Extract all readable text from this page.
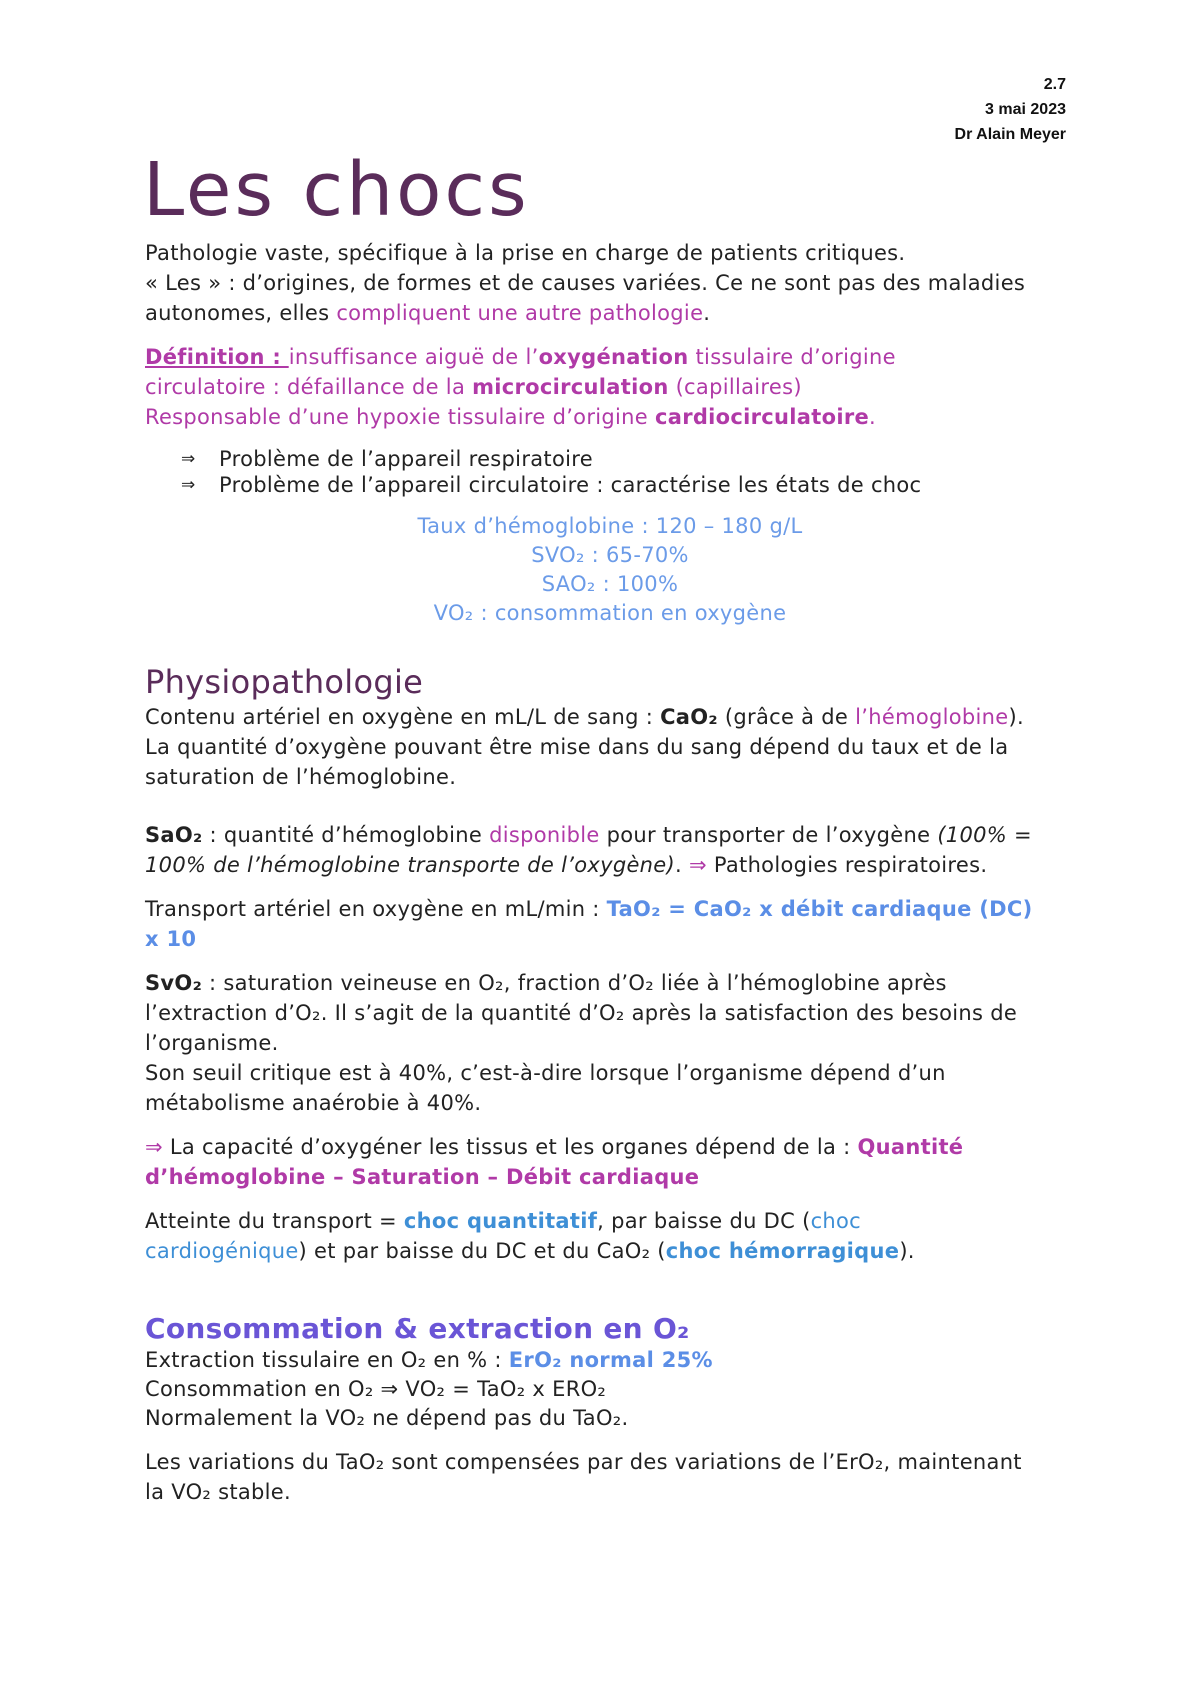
2.7
3 mai 2023
Dr Alain Meyer
Les chocs

Pathologie vaste, spécifique à la prise en charge de patients critiques.

« Les » : d’origines, de formes et de causes variées. Ce ne sont pas des maladies

autonomes, elles compliquent une autre pathologie.

Définition : insuffisance aiguë de l’oxygénation tissulaire d’origine

circulatoire : défaillance de la microcirculation (capillaires)

Responsable d’une hypoxie tissulaire d’origine cardiocirculatoire.

⇒ Problème de l’appareil respiratoire
⇒ Problème de l’appareil circulatoire : caractérise les états de choc
Taux d’hémoglobine : 120 – 180 g/L
SVO₂ : 65-70%
SAO₂ : 100%
VO₂ : consommation en oxygène
Physiopathologie

Contenu artériel en oxygène en mL/L de sang : CaO₂ (grâce à de l’hémoglobine).

La quantité d’oxygène pouvant être mise dans du sang dépend du taux et de la

saturation de l’hémoglobine.

SaO₂ : quantité d’hémoglobine disponible pour transporter de l’oxygène (100% =

100% de l’hémoglobine transporte de l’oxygène). ⇒ Pathologies respiratoires.

Transport artériel en oxygène en mL/min : TaO₂ = CaO₂ x débit cardiaque (DC)

x 10

SvO₂ : saturation veineuse en O₂, fraction d’O₂ liée à l’hémoglobine après

l’extraction d’O₂. Il s’agit de la quantité d’O₂ après la satisfaction des besoins de

l’organisme.

Son seuil critique est à 40%, c’est-à-dire lorsque l’organisme dépend d’un

métabolisme anaérobie à 40%.

⇒ La capacité d’oxygéner les tissus et les organes dépend de la : Quantité

d’hémoglobine – Saturation – Débit cardiaque

Atteinte du transport = choc quantitatif, par baisse du DC (choc

cardiogénique) et par baisse du DC et du CaO₂ (choc hémorragique).

Consommation & extraction en O₂

Extraction tissulaire en O₂ en % : ErO₂ normal 25%

Consommation en O₂ ⇒ VO₂ = TaO₂ x ERO₂

Normalement la VO₂ ne dépend pas du TaO₂.

Les variations du TaO₂ sont compensées par des variations de l’ErO₂, maintenant

la VO₂ stable.
